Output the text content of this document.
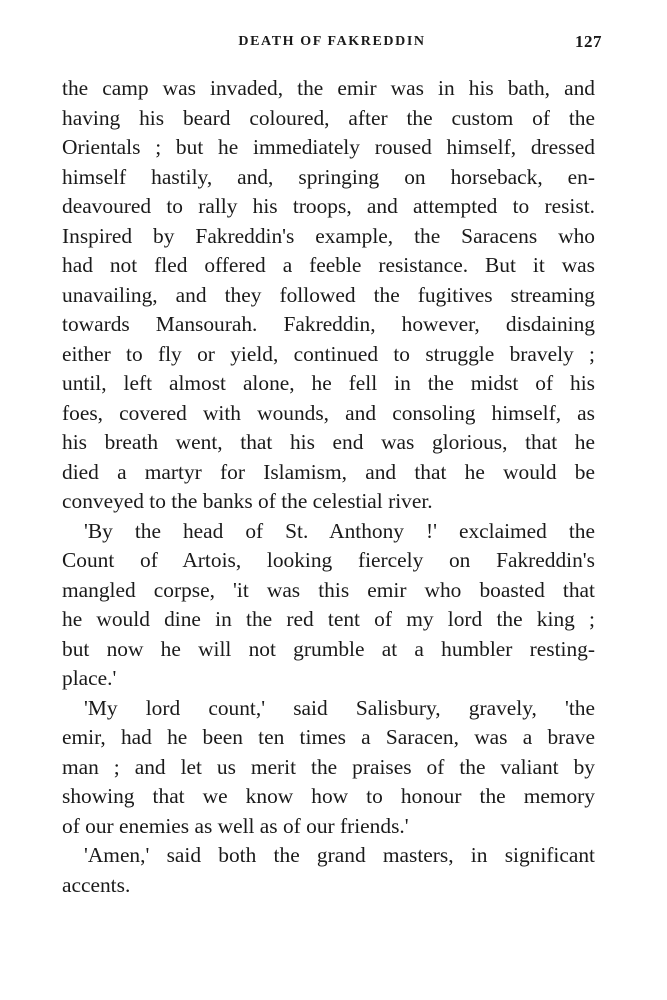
DEATH OF FAKREDDIN	127
the camp was invaded, the emir was in his bath, and
having his beard coloured, after the custom of the
Orientals ; but he immediately roused himself, dressed
himself hastily, and, springing on horseback, en-
deavoured to rally his troops, and attempted to resist.
Inspired by Fakreddin's example, the Saracens who
had not fled offered a feeble resistance. But it was
unavailing, and they followed the fugitives streaming
towards Mansourah. Fakreddin, however, disdaining
either to fly or yield, continued to struggle bravely ;
until, left almost alone, he fell in the midst of his
foes, covered with wounds, and consoling himself, as
his breath went, that his end was glorious, that he
died a martyr for Islamism, and that he would be
conveyed to the banks of the celestial river.
'By the head of St. Anthony !' exclaimed the
Count of Artois, looking fiercely on Fakreddin's
mangled corpse, 'it was this emir who boasted that
he would dine in the red tent of my lord the king ;
but now he will not grumble at a humbler resting-
place.'
'My lord count,' said Salisbury, gravely, 'the
emir, had he been ten times a Saracen, was a brave
man ; and let us merit the praises of the valiant by
showing that we know how to honour the memory
of our enemies as well as of our friends.'
'Amen,' said both the grand masters, in significant
accents.
